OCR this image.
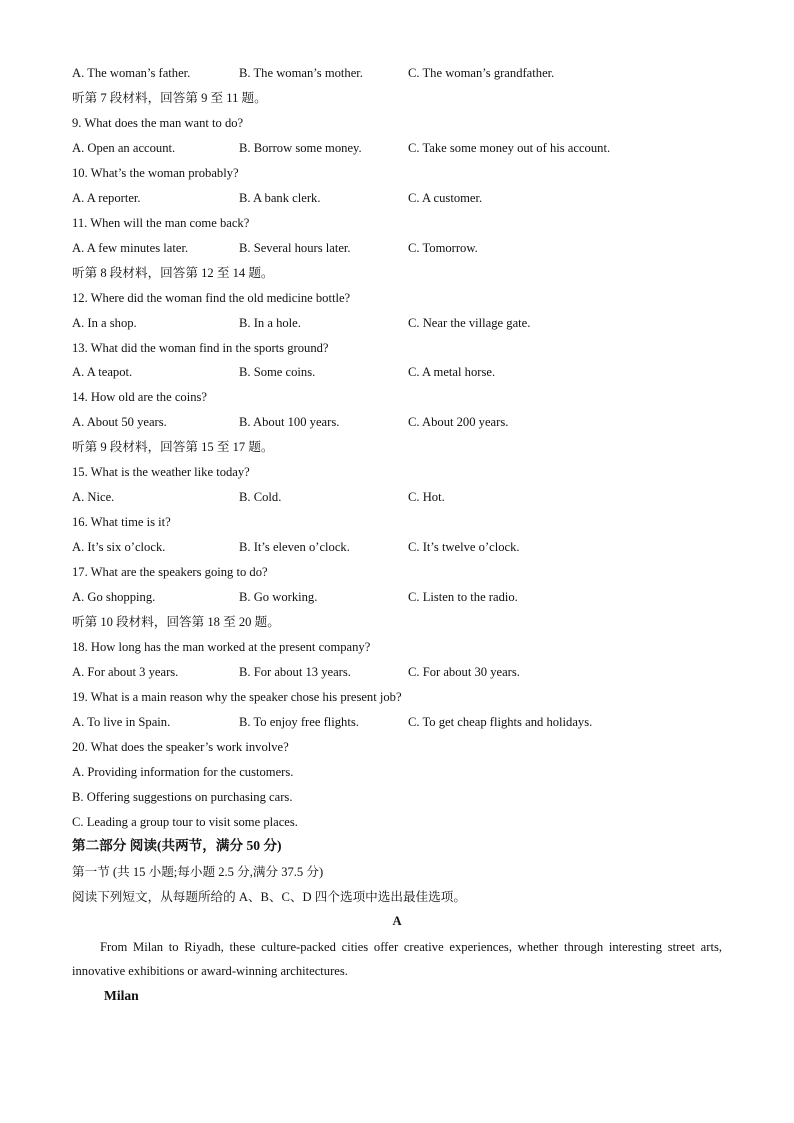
A. The woman’s father.	B. The woman’s mother.	C. The woman’s grandfather.
听第 7 段材料，回答第 9 至 11 题。
9. What does the man want to do?
A. Open an account.	B. Borrow some money.	C. Take some money out of his account.
10. What’s the woman probably?
A. A reporter.	B. A bank clerk.	C. A customer.
11. When will the man come back?
A. A few minutes later.	B. Several hours later.	C. Tomorrow.
听第 8 段材料，回答第 12 至 14 题。
12. Where did the woman find the old medicine bottle?
A. In a shop.	B. In a hole.	C. Near the village gate.
13. What did the woman find in the sports ground?
A. A teapot.	B. Some coins.	C. A metal horse.
14. How old are the coins?
A. About 50 years.	B. About 100 years.	C. About 200 years.
听第 9 段材料，回答第 15 至 17 题。
15. What is the weather like today?
A. Nice.	B. Cold.	C. Hot.
16. What time is it?
A. It’s six o’clock.	B. It’s eleven o’clock.	C. It’s twelve o’clock.
17. What are the speakers going to do?
A. Go shopping.	B. Go working.	C. Listen to the radio.
听第 10 段材料，回答第 18 至 20 题。
18. How long has the man worked at the present company?
A. For about 3 years.	B. For about 13 years.	C. For about 30 years.
19. What is a main reason why the speaker chose his present job?
A. To live in Spain.	B. To enjoy free flights.	C. To get cheap flights and holidays.
20. What does the speaker’s work involve?
A. Providing information for the customers.
B. Offering suggestions on purchasing cars.
C. Leading a group tour to visit some places.
第二部分 阅读(共两节，满分 50 分)
第一节 (共 15 小题;每小题 2.5 分,满分 37.5 分)
阅读下列短文，从每题所给的 A、B、C、D 四个选项中选出最佳选项。
A
From Milan to Riyadh, these culture-packed cities offer creative experiences, whether through interesting street arts, innovative exhibitions or award-winning architectures.
Milan
